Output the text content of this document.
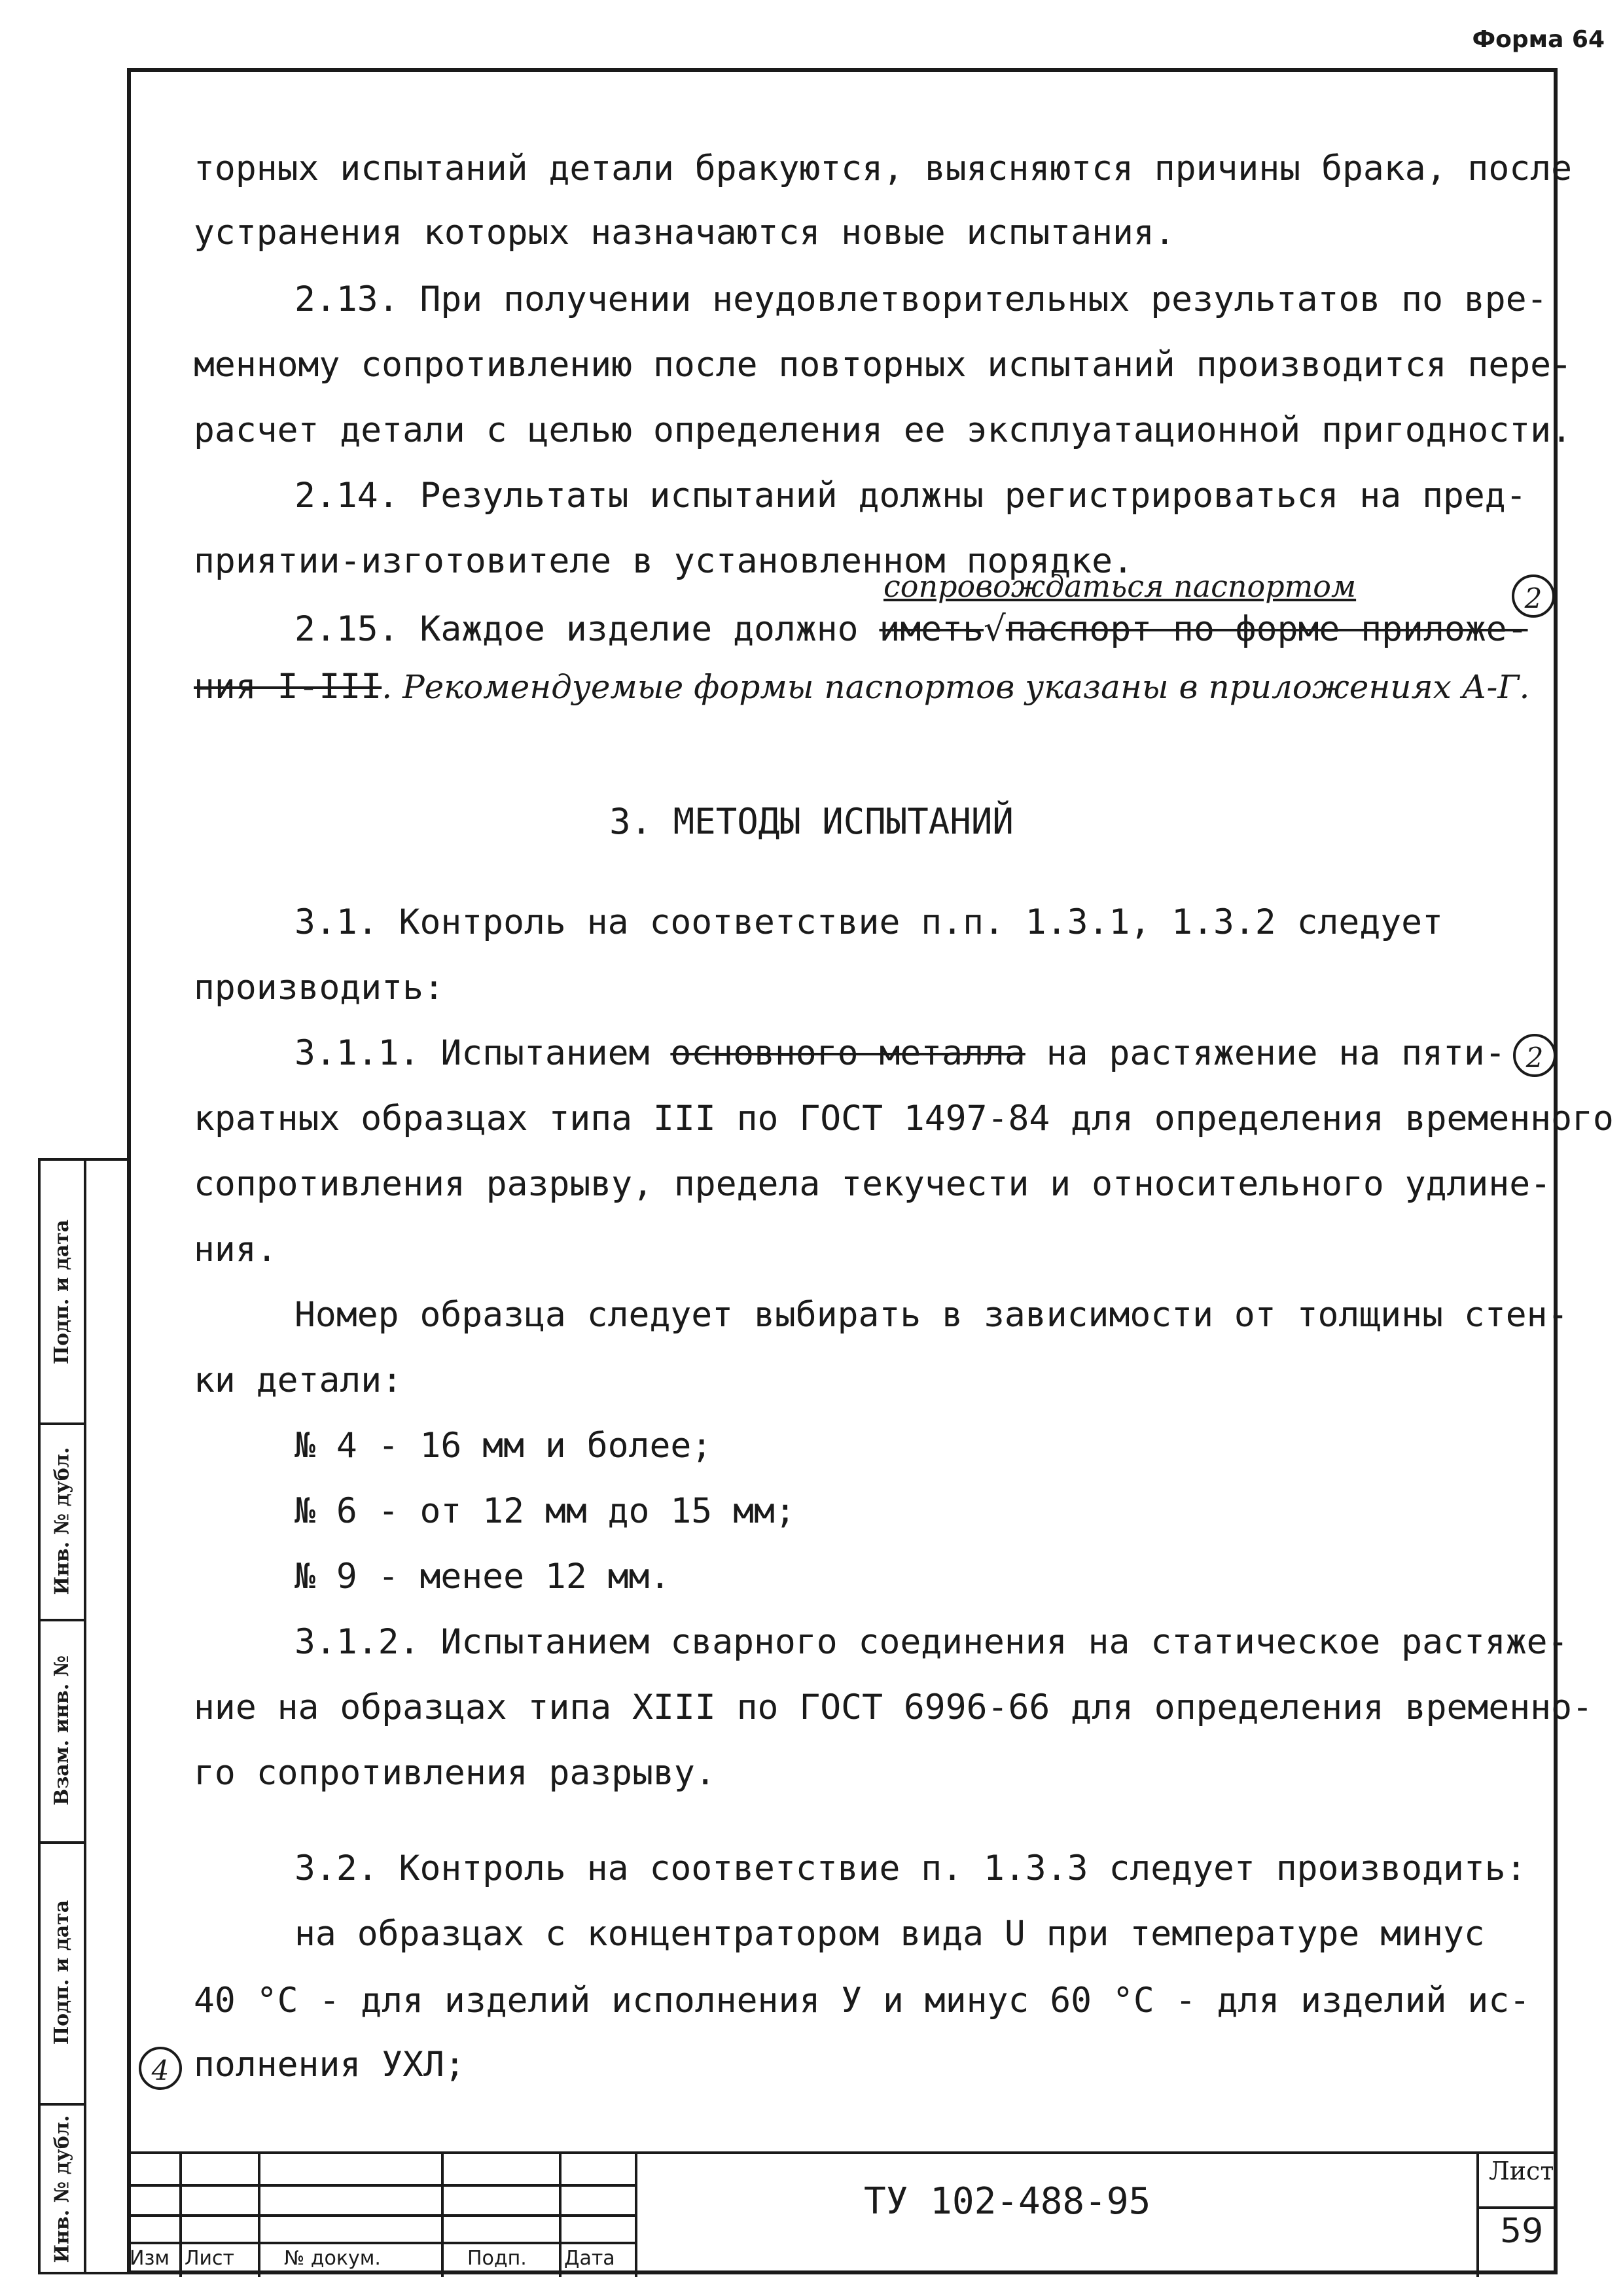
Форма 64
торных испытаний детали бракуются, выясняются причины брака, после
устранения которых назначаются новые испытания.
2.13. При получении неудовлетворительных результатов по вре-
менному сопротивлению после повторных испытаний производится пере-
расчет детали с целью определения ее эксплуатационной пригодности.
2.14. Результаты испытаний должны регистрироваться на пред-
приятии-изготовителе в установленном порядке.
сопровождаться паспортом
2.15. Каждое изделие должно иметь√паспорт по форме приложе-
ния I-III. Рекомендуемые формы паспортов указаны в приложениях А-Г.
3. МЕТОДЫ ИСПЫТАНИЙ
3.1. Контроль на соответствие п.п. 1.3.1, 1.3.2 следует
производить:
3.1.1. Испытанием основного металла на растяжение на пяти-
кратных образцах типа III по ГОСТ 1497-84 для определения временного
сопротивления разрыву, предела текучести и относительного удлине-
ния.
Номер образца следует выбирать в зависимости от толщины стен-
ки детали:
№ 4 - 16 мм и более;
№ 6 - от 12 мм до 15 мм;
№ 9 - менее 12 мм.
3.1.2. Испытанием сварного соединения на статическое растяже-
ние на образцах типа XIII по ГОСТ 6996-66 для определения временно-
го сопротивления разрыву.
3.2. Контроль на соответствие п. 1.3.3 следует производить:
на образцах с концентратором вида U при температуре минус
40 °C - для изделий исполнения У и минус 60 °C - для изделий ис-
полнения УХЛ;
2
2
4
Подп. и дата
Инв. № дубл.
Взам. инв. №
Подп. и дата
Инв. № дубл.	Изм Лист	№ докум.	Подп. Дата
ТУ 102-488-95
Лист
59
